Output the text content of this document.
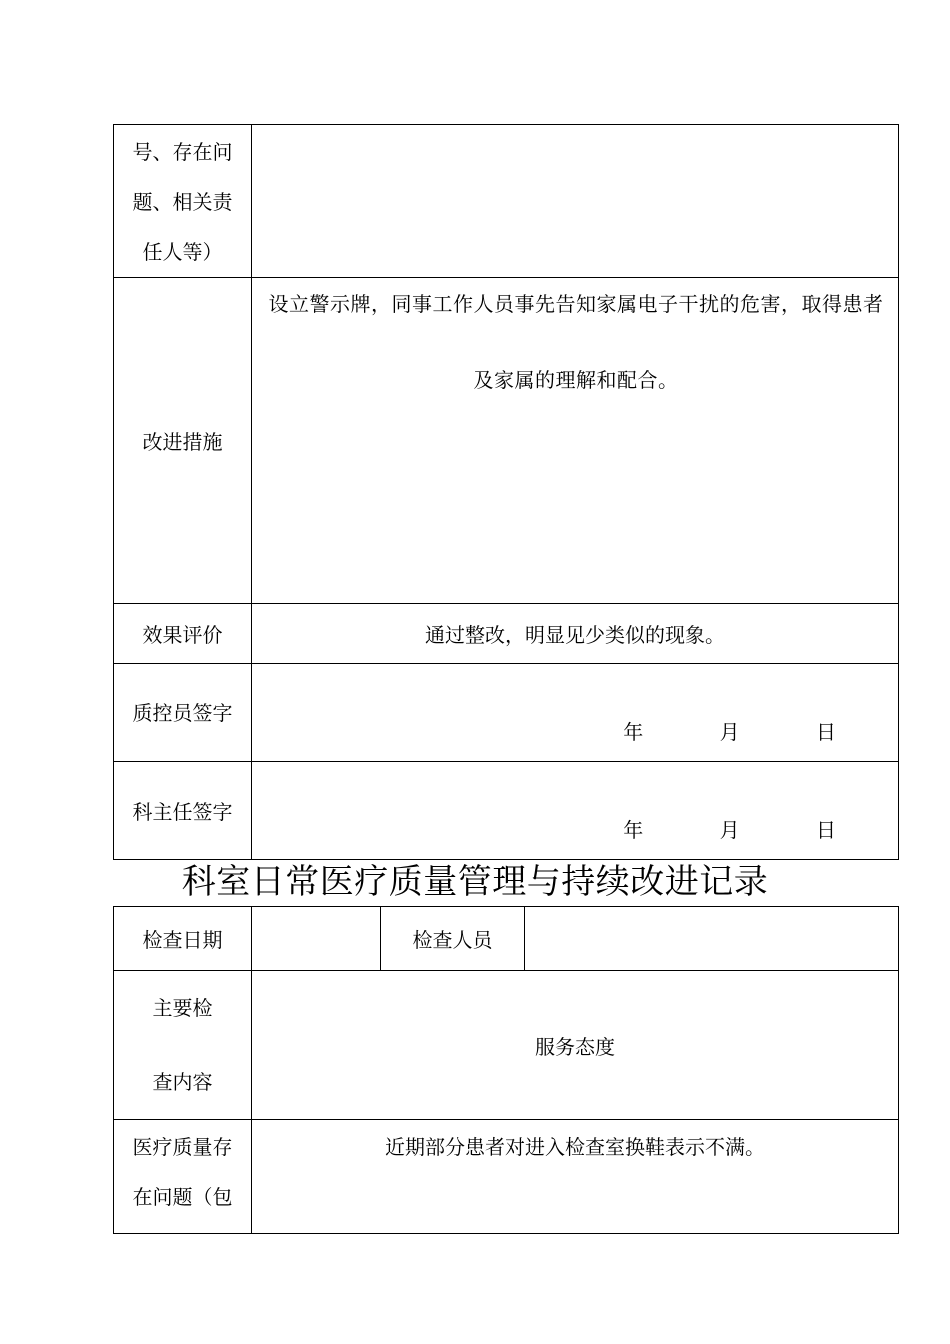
号、存在问
题、相关责
任人等）	

改进措施	设立警示牌，同事工作人员事先告知家属电子干扰的危害，取得患者及家属的理解和配合。

效果评价	通过整改，明显见少类似的现象。
质控员签字	年 月 日

科主任签字	年 月 日
科室日常医疗质量管理与持续改进记录
检查日期		检查人员	

主要检
查内容	服务态度		

医疗质量存
在问题（包	近期部分患者对进入检查室换鞋表示不满。		
